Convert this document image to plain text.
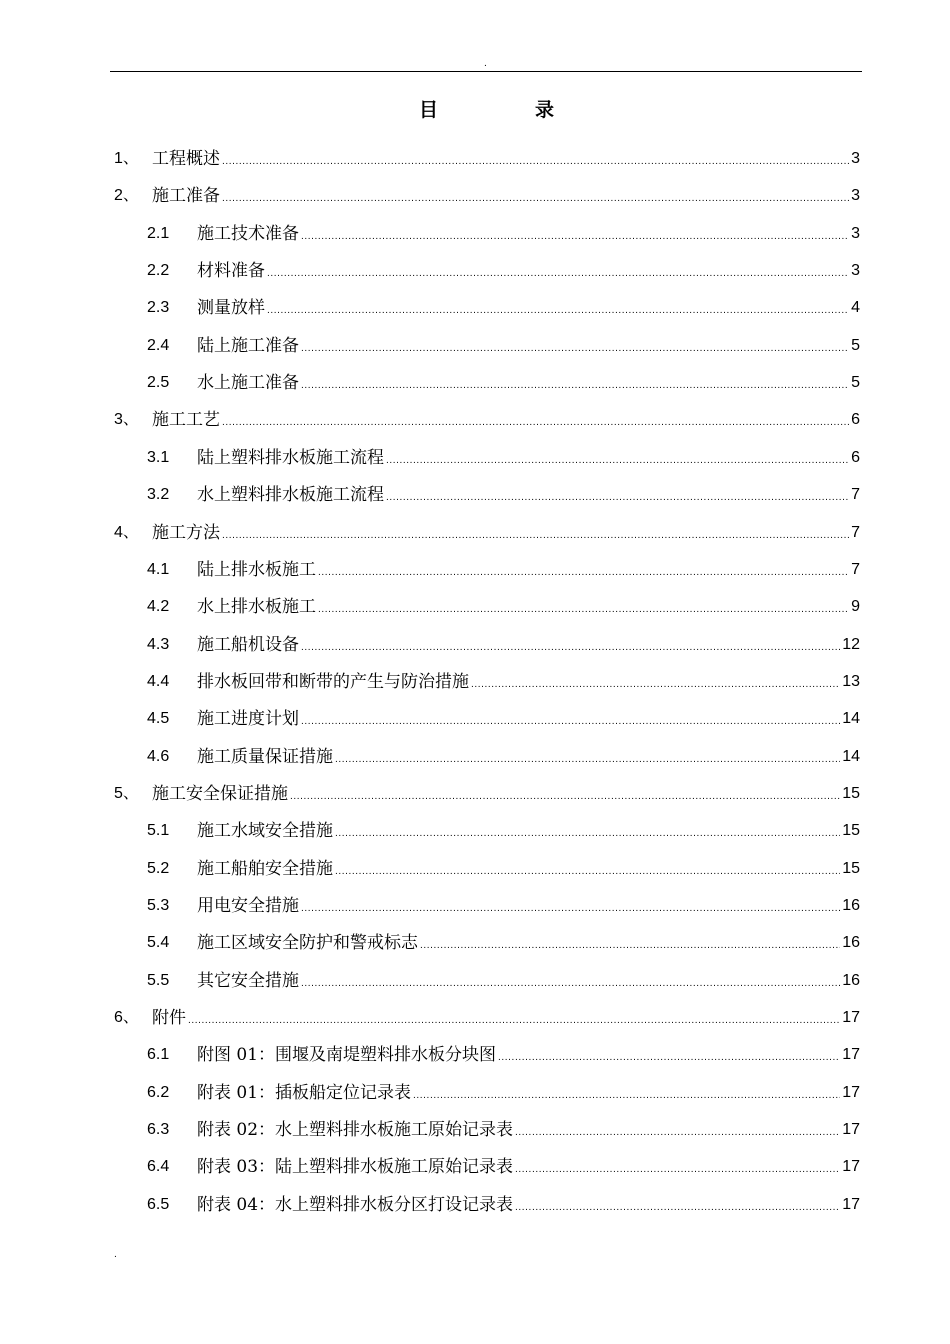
.
目	录
1、 工程概述 .....	3
2、 施工准备 .....	3
2.1	施工技术准备 .....	3
2.2	材料准备 .....	3
2.3	测量放样 .....	4
2.4	陆上施工准备 .....	5
2.5	水上施工准备 .....	5
3、 施工工艺 .....	6
3.1	陆上塑料排水板施工流程 .....	6
3.2	水上塑料排水板施工流程 .....	7
4、 施工方法 .....	7
4.1	陆上排水板施工 .....	7
4.2	水上排水板施工 .....	9
4.3	施工船机设备 .....	12
4.4	排水板回带和断带的产生与防治措施 .....	13
4.5	施工进度计划 .....	14
4.6	施工质量保证措施 .....	14
5、 施工安全保证措施 .....	15
5.1	施工水域安全措施 .....	15
5.2	施工船舶安全措施 .....	15
5.3	用电安全措施 .....	16
5.4	施工区域安全防护和警戒标志 .....	16
5.5	其它安全措施 .....	16
6、 附件 .....	17
6.1	附图 01：围堰及南堤塑料排水板分块图 .....	17
6.2	附表 01：插板船定位记录表 .....	17
6.3	附表 02：水上塑料排水板施工原始记录表 .....	17
6.4	附表 03：陆上塑料排水板施工原始记录表 .....	17
6.5	附表 04：水上塑料排水板分区打设记录表 .....	17
.
